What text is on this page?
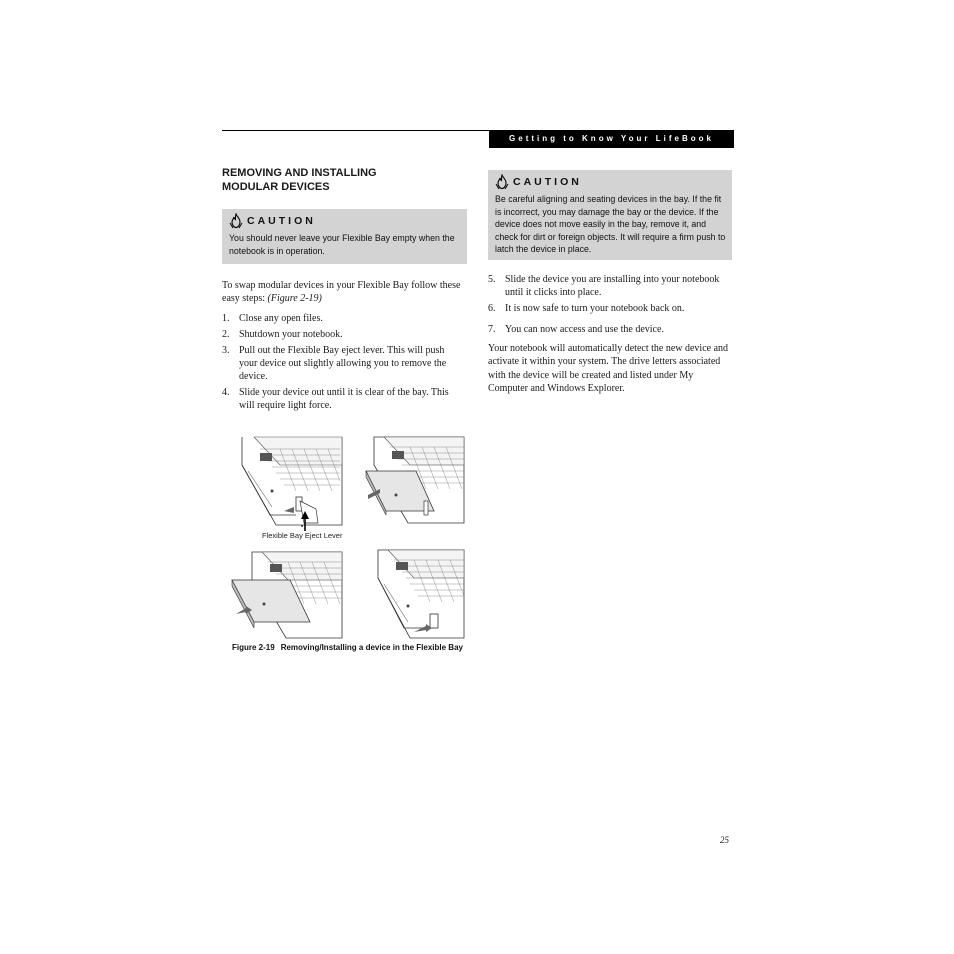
Getting to Know Your LifeBook
REMOVING AND INSTALLING
MODULAR DEVICES
CAUTION
You should never leave your Flexible Bay empty when the notebook is in operation.
To swap modular devices in your Flexible Bay follow these easy steps: (Figure 2-19)
1. Close any open files.
2. Shutdown your notebook.
3. Pull out the Flexible Bay eject lever. This will push your device out slightly allowing you to remove the device.
4. Slide your device out until it is clear of the bay. This will require light force.
CAUTION
Be careful aligning and seating devices in the bay. If the fit is incorrect, you may damage the bay or the device. If the device does not move easily in the bay, remove it, and check for dirt or foreign objects. It will require a firm push to latch the device in place.
5. Slide the device you are installing into your notebook until it clicks into place.
6. It is now safe to turn your notebook back on.
7. You can now access and use the device.
Your notebook will automatically detect the new device and activate it within your system. The drive letters associated with the device will be created and listed under My Computer and Windows Explorer.
Flexible Bay Eject Lever
Figure 2-19 Removing/Installing a device in the Flexible Bay
25
